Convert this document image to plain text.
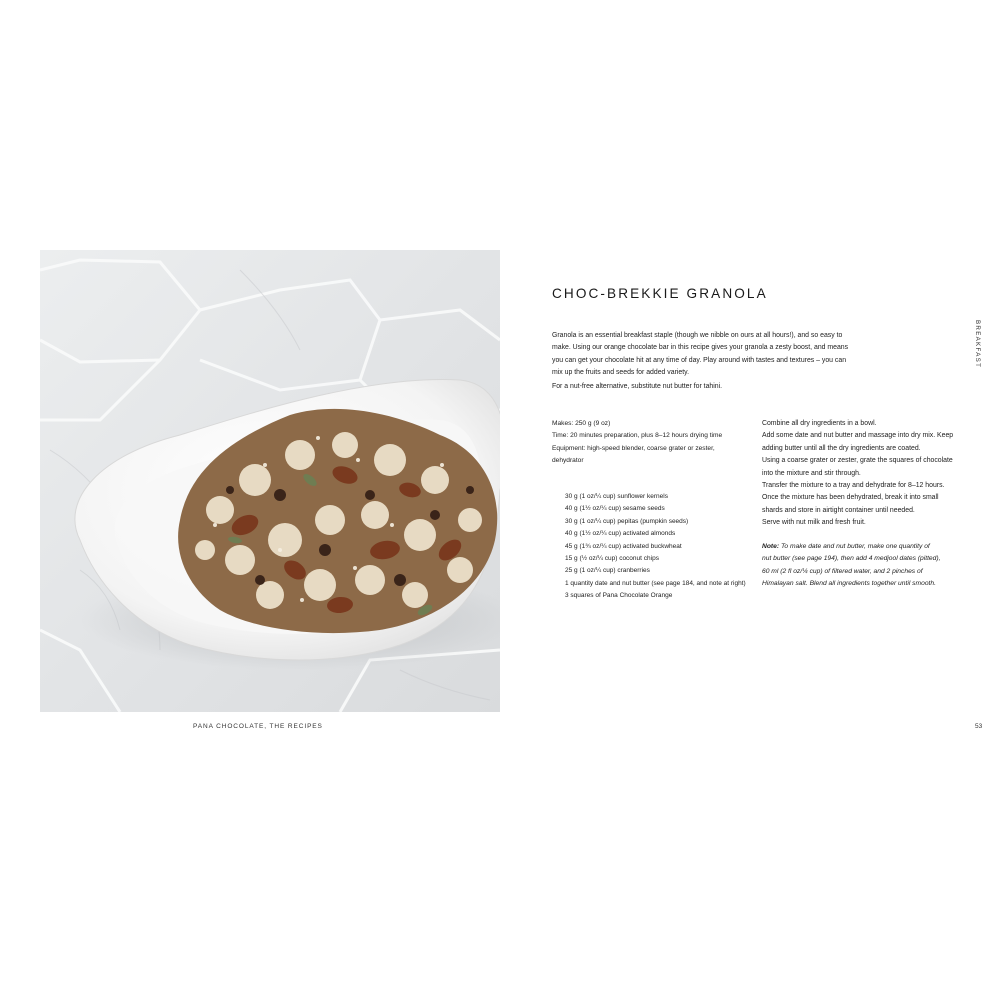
BREAKFAST
CHOC-BREKKIE GRANOLA

Granola is an essential breakfast staple (though we nibble on ours at all hours!), and so easy to
make. Using our orange chocolate bar in this recipe gives your granola a zesty boost, and means
you can get your chocolate hit at any time of day. Play around with tastes and textures – you can
mix up the fruits and seeds for added variety.

For a nut-free alternative, substitute nut butter for tahini.

Makes: 250 g (9 oz)
Time: 20 minutes preparation, plus 8–12 hours drying time
Equipment: high-speed blender, coarse grater or zester,
dehydrator
30 g (1 oz/¼ cup) sunflower kernels
40 g (1½ oz/¼ cup) sesame seeds
30 g (1 oz/¼ cup) pepitas (pumpkin seeds)
40 g (1½ oz/¼ cup) activated almonds
45 g (1¾ oz/¼ cup) activated buckwheat
15 g (½ oz/¼ cup) coconut chips
25 g (1 oz/¼ cup) cranberries
1 quantity date and nut butter (see page 184, and note at right)
3 squares of Pana Chocolate Orange
Combine all dry ingredients in a bowl.
Add some date and nut butter and massage into dry mix. Keep
adding butter until all the dry ingredients are coated.
Using a coarse grater or zester, grate the squares of chocolate
into the mixture and stir through.
Transfer the mixture to a tray and dehydrate for 8–12 hours.
Once the mixture has been dehydrated, break it into small
shards and store in airtight container until needed.
Serve with nut milk and fresh fruit.
Note: To make date and nut butter, make one quantity of
nut butter (see page 194), then add 4 medjool dates (pitted),
60 ml (2 fl oz/¼ cup) of filtered water, and 2 pinches of
Himalayan salt. Blend all ingredients together until smooth.
PANA CHOCOLATE, THE RECIPES	53
